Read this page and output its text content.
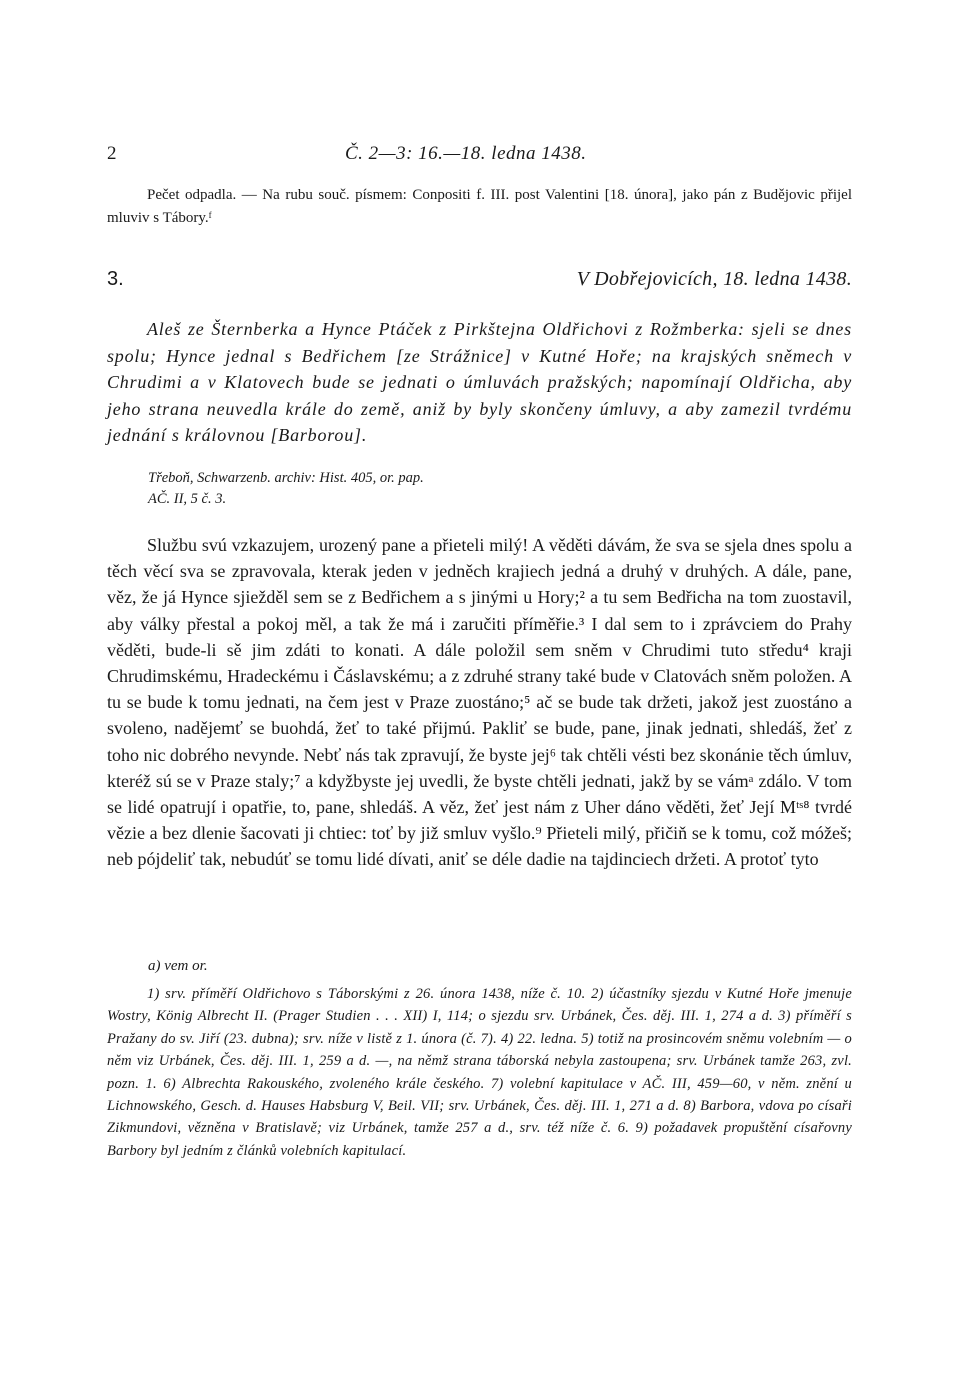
2	Č. 2—3: 16.—18. ledna 1438.

Pečet odpadla. — Na rubu souč. písmem: Conpositi f. III. post Valentini [18. února], jako pán z Budějovic přijel mluviv s Tábory.ᶠ

3.	V Dobřejovicích, 18. ledna 1438.

Aleš ze Šternberka a Hynce Ptáček z Pirkštejna Oldřichovi z Rožmberka: sjeli se dnes spolu; Hynce jednal s Bedřichem [ze Strážnice] v Kutné Hoře; na krajských sněmech v Chrudimi a v Klatovech bude se jednati o úmluvách pražských; napomínají Oldřicha, aby jeho strana neuvedla krále do země, aniž by byly skončeny úmluvy, a aby zamezil tvrdému jednání s královnou [Barborou].

Třeboň, Schwarzenb. archiv: Hist. 405, or. pap.
AČ. II, 5 č. 3.

Službu svú vzkazujem, urozený pane a přieteli milý! A věděti dávám, že sva se sjela dnes spolu a těch věcí sva se zpravovala, kterak jeden v jedněch krajiech jedná a druhý v druhých. A dále, pane, věz, že já Hynce sjiežděl sem se z Bedřichem a s jinými u Hory;² a tu sem Bedřicha na tom zuostavil, aby války přestal a pokoj měl, a tak že má i zaručiti příměřie.³ I dal sem to i zprávciem do Prahy věděti, bude-li sě jim zdáti to konati. A dále položil sem sněm v Chrudimi tuto středu⁴ kraji Chrudimskému, Hradeckému i Čáslavskému; a z zdruhé strany také bude v Clatovách sněm položen. A tu se bude k tomu jednati, na čem jest v Praze zuostáno;⁵ ač se bude tak držeti, jakož jest zuostáno a svoleno, nadějemť se buohdá, žeť to také přijmú. Pakliť se bude, pane, jinak jednati, shledáš, žeť z toho nic dobrého nevynde. Nebť nás tak zpravují, že byste jej⁶ tak chtěli vésti bez skonánie těch úmluv, kteréž sú se v Praze staly;⁷ a kdyžbyste jej uvedli, že byste chtěli jednati, jakž by se vámᵃ zdálo. V tom se lidé opatrují i opatřie, to, pane, shledáš. A věz, žeť jest nám z Uher dáno věděti, žeť Její Mᵗˢ⁸ tvrdé vězie a bez dlenie šacovati ji chtiec: toť by již smluv vyšlo.⁹ Přieteli milý, přičiň se k tomu, což móžeš; neb pójdeliť tak, nebudúť se tomu lidé dívati, aniť se déle dadie na tajdinciech držeti. A protoť tyto

a) vem or.

1) srv. příměří Oldřichovo s Táborskými z 26. února 1438, níže č. 10. 2) účastníky sjezdu v Kutné Hoře jmenuje Wostry, König Albrecht II. (Prager Studien . . . XII) I, 114; o sjezdu srv. Urbánek, Čes. děj. III. 1, 274 a d. 3) příměří s Pražany do sv. Jiří (23. dubna); srv. níže v listě z 1. února (č. 7). 4) 22. ledna. 5) totiž na prosincovém sněmu volebním — o něm viz Urbánek, Čes. děj. III. 1, 259 a d. —, na němž strana táborská nebyla zastoupena; srv. Urbánek tamže 263, zvl. pozn. 1. 6) Albrechta Rakouského, zvoleného krále českého. 7) volební kapitulace v AČ. III, 459—60, v něm. znění u Lichnowského, Gesch. d. Hauses Habsburg V, Beil. VII; srv. Urbánek, Čes. děj. III. 1, 271 a d. 8) Barbora, vdova po císaři Zikmundovi, vězněna v Bratislavě; viz Urbánek, tamže 257 a d., srv. též níže č. 6. 9) požadavek propuštění císařovny Barbory byl jedním z článků volebních kapitulací.
